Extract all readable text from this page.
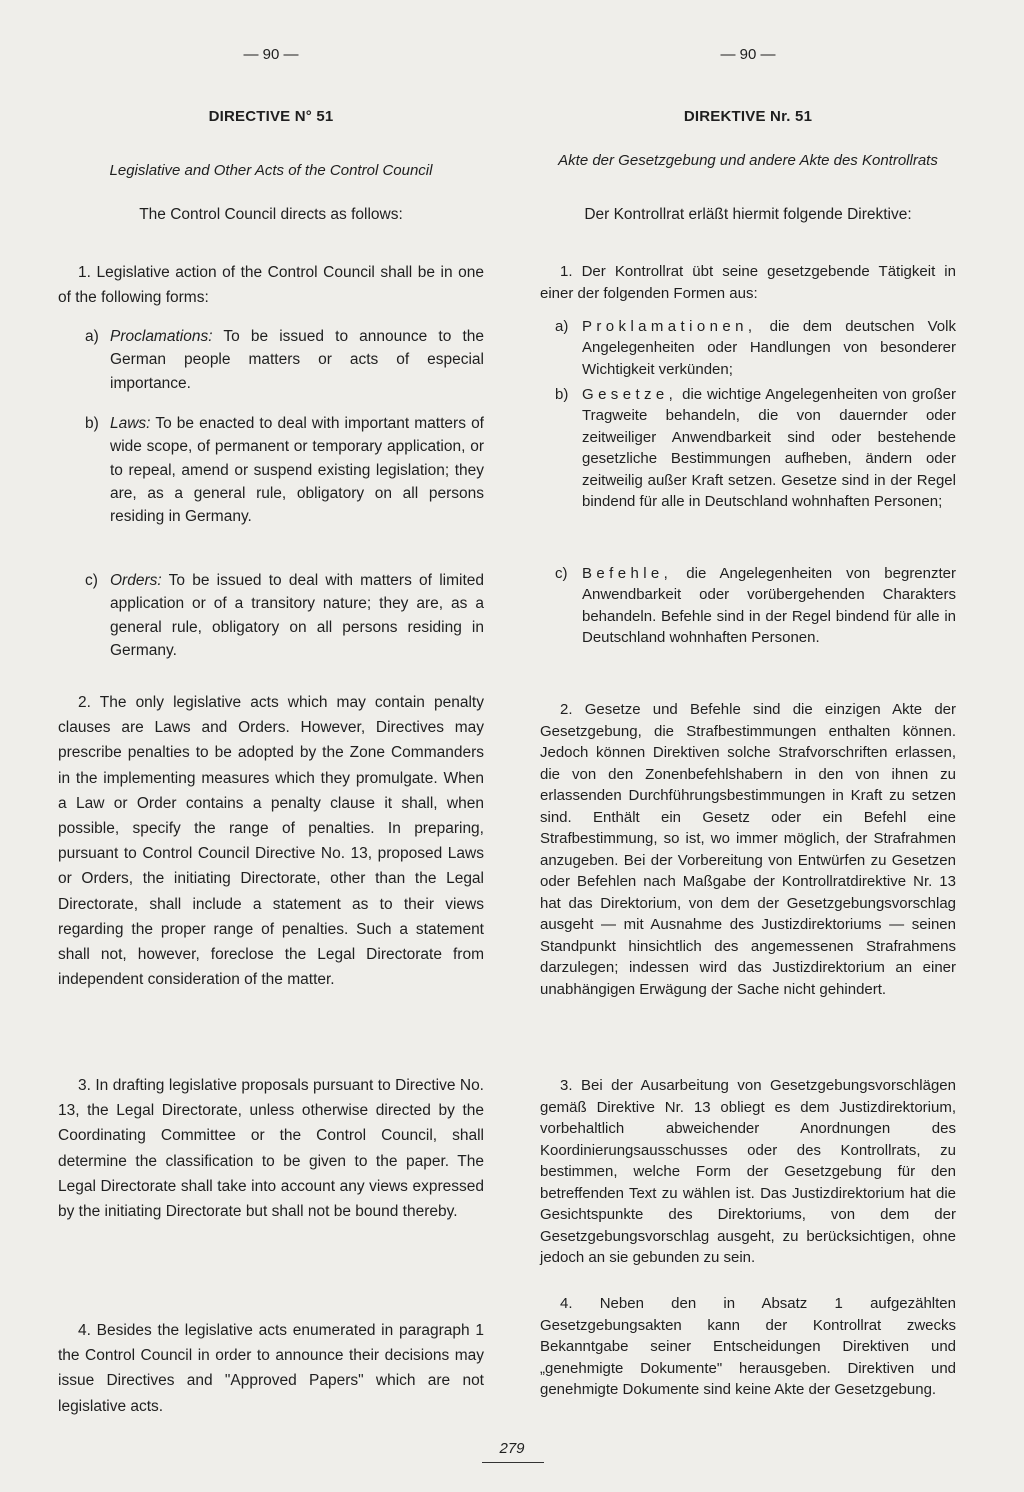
— 90 —
DIRECTIVE N° 51
Legislative and Other Acts of the Control Council
The Control Council directs as follows:
1. Legislative action of the Control Council shall be in one of the following forms:
a) Proclamations: To be issued to announce to the German people matters or acts of especial importance.
b) Laws: To be enacted to deal with important matters of wide scope, of permanent or temporary application, or to repeal, amend or suspend existing legislation; they are, as a general rule, obligatory on all persons residing in Germany.
c) Orders: To be issued to deal with matters of limited application or of a transitory nature; they are, as a general rule, obligatory on all persons residing in Germany.
2. The only legislative acts which may contain penalty clauses are Laws and Orders. However, Directives may prescribe penalties to be adopted by the Zone Commanders in the implementing measures which they promulgate. When a Law or Order contains a penalty clause it shall, when possible, specify the range of penalties. In preparing, pursuant to Control Council Directive No. 13, proposed Laws or Orders, the initiating Directorate, other than the Legal Directorate, shall include a statement as to their views regarding the proper range of penalties. Such a statement shall not, however, foreclose the Legal Directorate from independent consideration of the matter.
3. In drafting legislative proposals pursuant to Directive No. 13, the Legal Directorate, unless otherwise directed by the Coordinating Committee or the Control Council, shall determine the classification to be given to the paper. The Legal Directorate shall take into account any views expressed by the initiating Directorate but shall not be bound thereby.
4. Besides the legislative acts enumerated in paragraph 1 the Control Council in order to announce their decisions may issue Directives and "Approved Papers" which are not legislative acts.
— 90 —
DIREKTIVE Nr. 51
Akte der Gesetzgebung und andere Akte des Kontrollrats
Der Kontrollrat erläßt hiermit folgende Direktive:
1. Der Kontrollrat übt seine gesetzgebende Tätigkeit in einer der folgenden Formen aus:
a) Proklamationen, die dem deutschen Volk Angelegenheiten oder Handlungen von besonderer Wichtigkeit verkünden;
b) Gesetze, die wichtige Angelegenheiten von großer Tragweite behandeln, die von dauernder oder zeitweiliger Anwendbarkeit sind oder bestehende gesetzliche Bestimmungen aufheben, ändern oder zeitweilig außer Kraft setzen. Gesetze sind in der Regel bindend für alle in Deutschland wohnhaften Personen;
c) Befehle, die Angelegenheiten von begrenzter Anwendbarkeit oder vorübergehenden Charakters behandeln. Befehle sind in der Regel bindend für alle in Deutschland wohnhaften Personen.
2. Gesetze und Befehle sind die einzigen Akte der Gesetzgebung, die Strafbestimmungen enthalten können. Jedoch können Direktiven solche Strafvorschriften erlassen, die von den Zonenbefehlshabern in den von ihnen zu erlassenden Durchführungsbestimmungen in Kraft zu setzen sind. Enthält ein Gesetz oder ein Befehl eine Strafbestimmung, so ist, wo immer möglich, der Strafrahmen anzugeben. Bei der Vorbereitung von Entwürfen zu Gesetzen oder Befehlen nach Maßgabe der Kontrollratdirektive Nr. 13 hat das Direktorium, von dem der Gesetzgebungsvorschlag ausgeht — mit Ausnahme des Justizdirektoriums — seinen Standpunkt hinsichtlich des angemessenen Strafrahmens darzulegen; indessen wird das Justizdirektorium an einer unabhängigen Erwägung der Sache nicht gehindert.
3. Bei der Ausarbeitung von Gesetzgebungsvorschlägen gemäß Direktive Nr. 13 obliegt es dem Justizdirektorium, vorbehaltlich abweichender Anordnungen des Koordinierungsausschusses oder des Kontrollrats, zu bestimmen, welche Form der Gesetzgebung für den betreffenden Text zu wählen ist. Das Justizdirektorium hat die Gesichtspunkte des Direktoriums, von dem der Gesetzgebungsvorschlag ausgeht, zu berücksichtigen, ohne jedoch an sie gebunden zu sein.
4. Neben den in Absatz 1 aufgezählten Gesetzgebungsakten kann der Kontrollrat zwecks Bekanntgabe seiner Entscheidungen Direktiven und „genehmigte Dokumente" herausgeben. Direktiven und genehmigte Dokumente sind keine Akte der Gesetzgebung.
279
